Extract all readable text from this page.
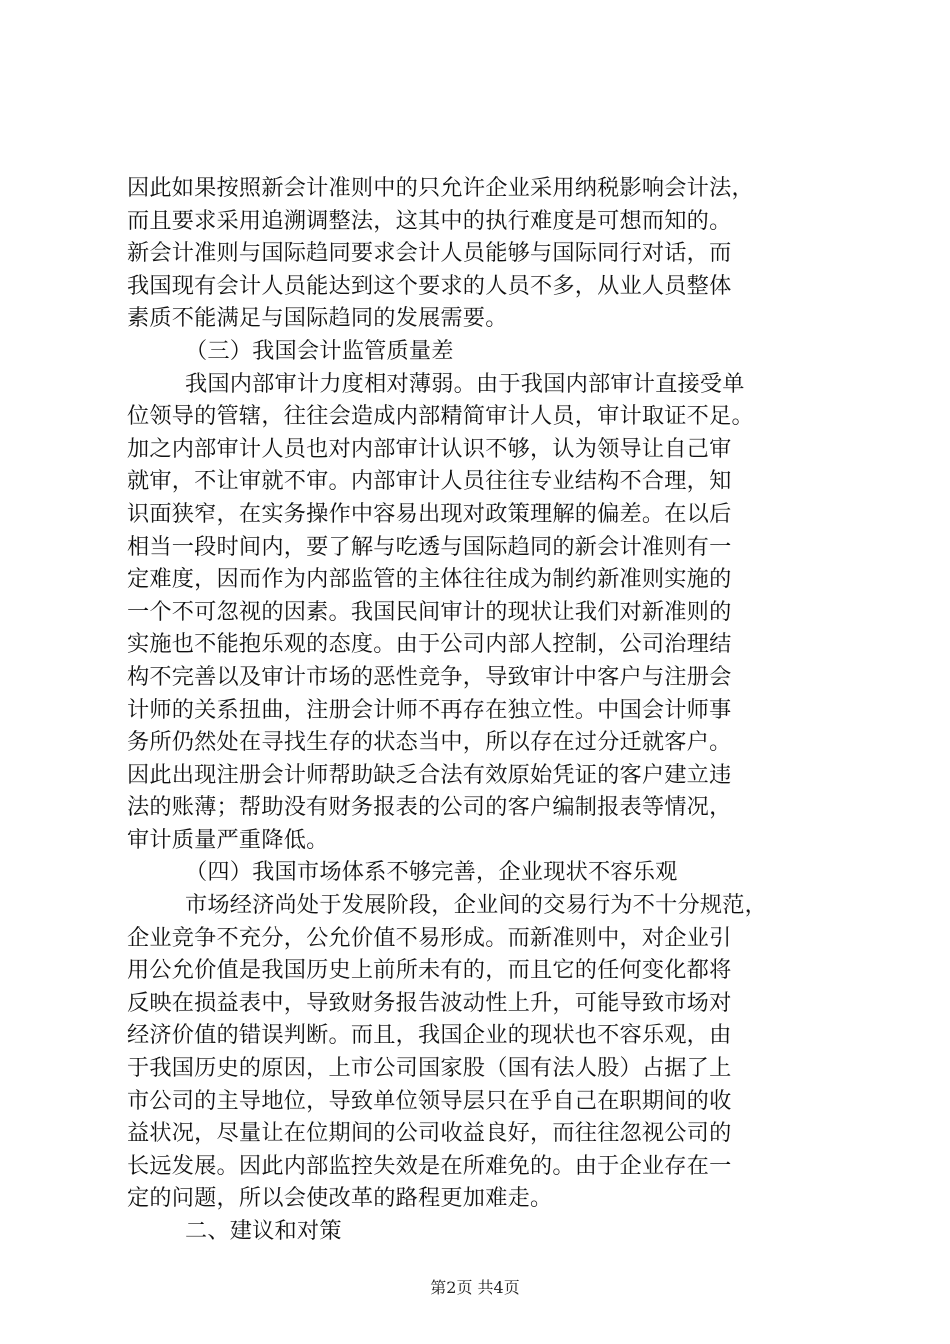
因此如果按照新会计准则中的只允许企业采用纳税影响会计法，
而且要求采用追溯调整法，这其中的执行难度是可想而知的。
新会计准则与国际趋同要求会计人员能够与国际同行对话，而
我国现有会计人员能达到这个要求的人员不多，从业人员整体
素质不能满足与国际趋同的发展需要。
（三）我国会计监管质量差
我国内部审计力度相对薄弱。由于我国内部审计直接受单
位领导的管辖，往往会造成内部精简审计人员，审计取证不足。
加之内部审计人员也对内部审计认识不够，认为领导让自己审
就审，不让审就不审。内部审计人员往往专业结构不合理，知
识面狭窄，在实务操作中容易出现对政策理解的偏差。在以后
相当一段时间内，要了解与吃透与国际趋同的新会计准则有一
定难度，因而作为内部监管的主体往往成为制约新准则实施的
一个不可忽视的因素。我国民间审计的现状让我们对新准则的
实施也不能抱乐观的态度。由于公司内部人控制，公司治理结
构不完善以及审计市场的恶性竞争，导致审计中客户与注册会
计师的关系扭曲，注册会计师不再存在独立性。中国会计师事
务所仍然处在寻找生存的状态当中，所以存在过分迁就客户。
因此出现注册会计师帮助缺乏合法有效原始凭证的客户建立违
法的账薄；帮助没有财务报表的公司的客户编制报表等情况，
审计质量严重降低。
（四）我国市场体系不够完善，企业现状不容乐观
市场经济尚处于发展阶段，企业间的交易行为不十分规范，
企业竞争不充分，公允价值不易形成。而新准则中，对企业引
用公允价值是我国历史上前所未有的，而且它的任何变化都将
反映在损益表中，导致财务报告波动性上升，可能导致市场对
经济价值的错误判断。而且，我国企业的现状也不容乐观，由
于我国历史的原因，上市公司国家股（国有法人股）占据了上
市公司的主导地位，导致单位领导层只在乎自己在职期间的收
益状况，尽量让在位期间的公司收益良好，而往往忽视公司的
长远发展。因此内部监控失效是在所难免的。由于企业存在一
定的问题，所以会使改革的路程更加难走。
二、建议和对策
第2页 共4页
